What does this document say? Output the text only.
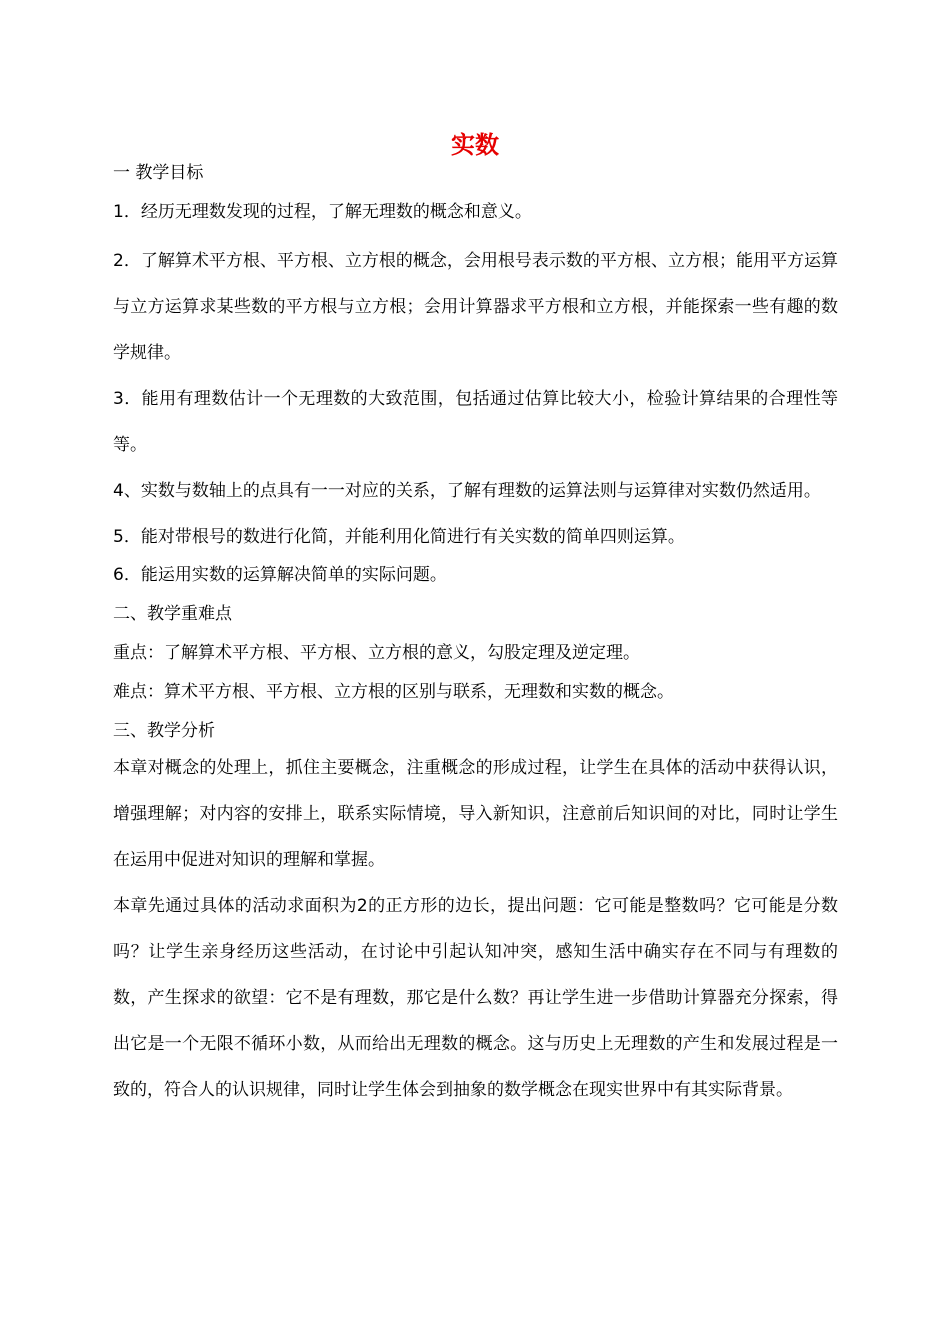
实数

一 教学目标

1．经历无理数发现的过程，了解无理数的概念和意义。

2．了解算术平方根、平方根、立方根的概念，会用根号表示数的平方根、立方根；能用平方运算与立方运算求某些数的平方根与立方根；会用计算器求平方根和立方根，并能探索一些有趣的数学规律。

3．能用有理数估计一个无理数的大致范围，包括通过估算比较大小，检验计算结果的合理性等等。

4、实数与数轴上的点具有一一对应的关系，了解有理数的运算法则与运算律对实数仍然适用。

5．能对带根号的数进行化简，并能利用化简进行有关实数的简单四则运算。

6．能运用实数的运算解决简单的实际问题。

二、教学重难点

重点：了解算术平方根、平方根、立方根的意义，勾股定理及逆定理。

难点：算术平方根、平方根、立方根的区别与联系，无理数和实数的概念。

三、教学分析

本章对概念的处理上，抓住主要概念，注重概念的形成过程，让学生在具体的活动中获得认识，增强理解；对内容的安排上，联系实际情境，导入新知识，注意前后知识间的对比，同时让学生在运用中促进对知识的理解和掌握。

本章先通过具体的活动求面积为2的正方形的边长，提出问题：它可能是整数吗？它可能是分数吗？让学生亲身经历这些活动，在讨论中引起认知冲突，感知生活中确实存在不同与有理数的数，产生探求的欲望：它不是有理数，那它是什么数？再让学生进一步借助计算器充分探索，得出它是一个无限不循环小数，从而给出无理数的概念。这与历史上无理数的产生和发展过程是一致的，符合人的认识规律，同时让学生体会到抽象的数学概念在现实世界中有其实际背景。
